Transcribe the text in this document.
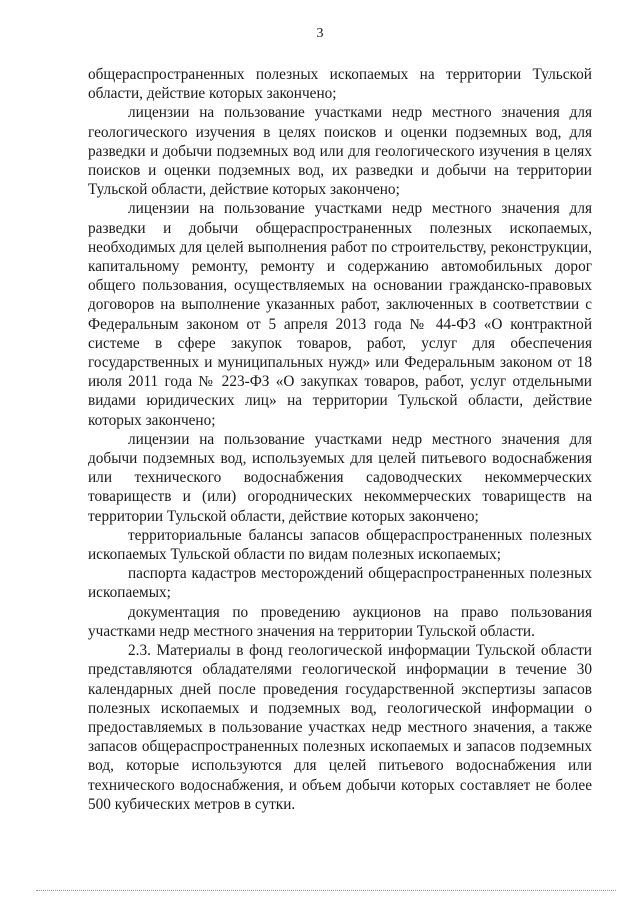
3

общераспространенных полезных ископаемых на территории Тульской области, действие которых закончено;

лицензии на пользование участками недр местного значения для геологического изучения в целях поисков и оценки подземных вод, для разведки и добычи подземных вод или для геологического изучения в целях поисков и оценки подземных вод, их разведки и добычи на территории Тульской области, действие которых закончено;

лицензии на пользование участками недр местного значения для разведки и добычи общераспространенных полезных ископаемых, необходимых для целей выполнения работ по строительству, реконструкции, капитальному ремонту, ремонту и содержанию автомобильных дорог общего пользования, осуществляемых на основании гражданско-правовых договоров на выполнение указанных работ, заключенных в соответствии с Федеральным законом от 5 апреля 2013 года № 44-ФЗ «О контрактной системе в сфере закупок товаров, работ, услуг для обеспечения государственных и муниципальных нужд» или Федеральным законом от 18 июля 2011 года № 223-ФЗ «О закупках товаров, работ, услуг отдельными видами юридических лиц» на территории Тульской области, действие которых закончено;

лицензии на пользование участками недр местного значения для добычи подземных вод, используемых для целей питьевого водоснабжения или технического водоснабжения садоводческих некоммерческих товариществ и (или) огороднических некоммерческих товариществ на территории Тульской области, действие которых закончено;

территориальные балансы запасов общераспространенных полезных ископаемых Тульской области по видам полезных ископаемых;

паспорта кадастров месторождений общераспространенных полезных ископаемых;

документация по проведению аукционов на право пользования участками недр местного значения на территории Тульской области.

2.3. Материалы в фонд геологической информации Тульской области представляются обладателями геологической информации в течение 30 календарных дней после проведения государственной экспертизы запасов полезных ископаемых и подземных вод, геологической информации о предоставляемых в пользование участках недр местного значения, а также запасов общераспространенных полезных ископаемых и запасов подземных вод, которые используются для целей питьевого водоснабжения или технического водоснабжения, и объем добычи которых составляет не более 500 кубических метров в сутки.
